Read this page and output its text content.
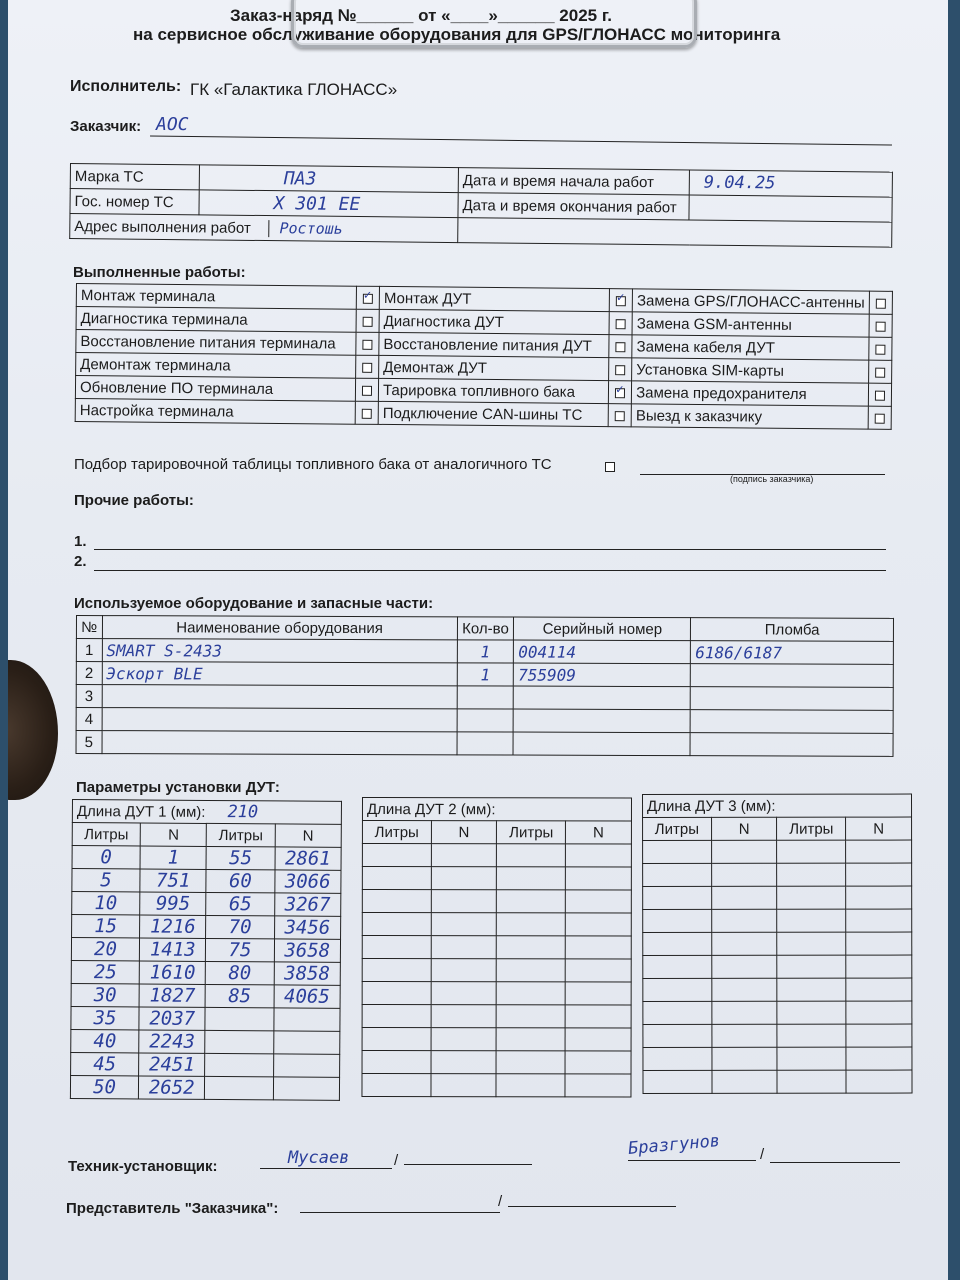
Заказ-наряд №______ от «____»______ 2025 г.
на сервисное обслуживание оборудования для GPS/ГЛОНАСС мониторинга
Исполнитель: ГК «Галактика ГЛОНАСС»
Заказчик: АОС
Марка ТС	ПАЗ	Дата и время начала работ	9.04.25
Гос. номер ТС	Х 301 ЕЕ	Дата и время окончания работ	
Адрес выполнения работ Ростошь			
Выполненные работы:
Монтаж терминала	✓	Монтаж ДУТ	✓	Замена GPS/ГЛОНАСС-антенны	
Диагностика терминала		Диагностика ДУТ		Замена GSM-антенны	
Восстановление питания терминала		Восстановление питания ДУТ		Замена кабеля ДУТ	
Демонтаж терминала		Демонтаж ДУТ		Установка SIM-карты	
Обновление ПО терминала		Тарировка топливного бака	✓	Замена предохранителя	
Настройка терминала		Подключение CAN-шины ТС		Выезд к заказчику	
Подбор тарировочной таблицы топливного бака от аналогичного ТС
(подпись заказчика)
Прочие работы:
1.
2.
Используемое оборудование и запасные части:
№	Наименование оборудования	Кол-во	Серийный номер	Пломба
1	SMART S-2433	1	004114	6186/6187
2	Эскорт BLE	1	755909	
3				
4				
5				
Параметры установки ДУТ:
Длина ДУТ 1 (мм): 210			
Литры	N	Литры	N
0	1	55	2861
5	751	60	3066
10	995	65	3267
15	1216	70	3456
20	1413	75	3658
25	1610	80	3858
30	1827	85	4065
35	2037		
40	2243		
45	2451		
50	2652		
Длина ДУТ 2 (мм):			
Литры	N	Литры	N

Длина ДУТ 3 (мм):			
Литры	N	Литры	N

Техник-установщик:	Мусаев	/
Бразгунов	/
Представитель "Заказчика":	/
